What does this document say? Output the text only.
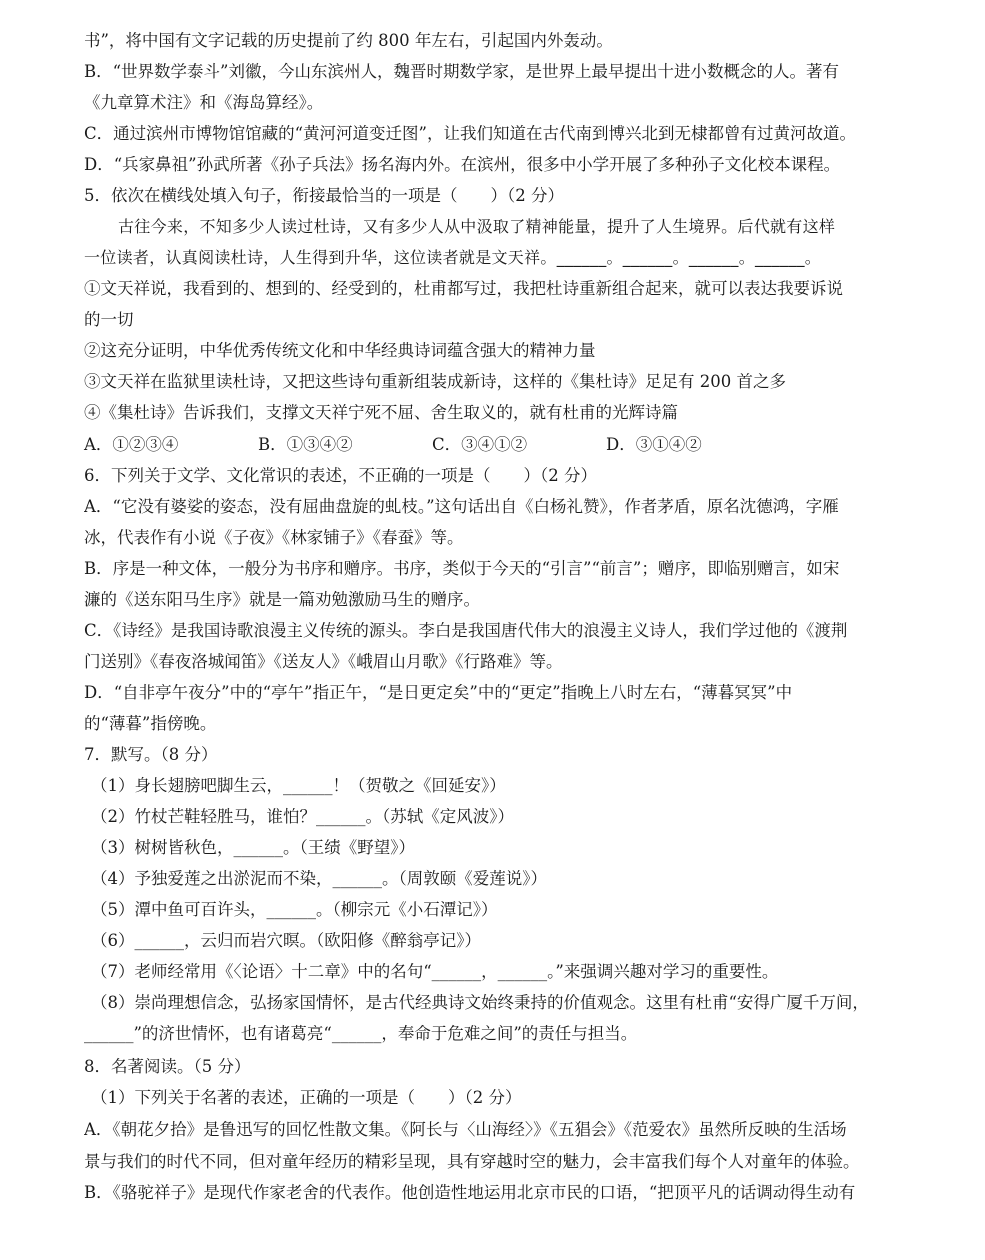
书”，将中国有文字记载的历史提前了约 800 年左右，引起国内外轰动。
B．“世界数学泰斗”刘徽，今山东滨州人，魏晋时期数学家，是世界上最早提出十进小数概念的人。著有
《九章算术注》和《海岛算经》。
C．通过滨州市博物馆馆藏的“黄河河道变迁图”，让我们知道在古代南到博兴北到无棣都曾有过黄河故道。
D．“兵家鼻祖”孙武所著《孙子兵法》扬名海内外。在滨州，很多中小学开展了多种孙子文化校本课程。
5．依次在横线处填入句子，衔接最恰当的一项是（　　）（2 分）
古往今来，不知多少人读过杜诗，又有多少人从中汲取了精神能量，提升了人生境界。后代就有这样
一位读者，认真阅读杜诗，人生得到升华，这位读者就是文天祥。______。______。______。______。
①文天祥说，我看到的、想到的、经受到的，杜甫都写过，我把杜诗重新组合起来，就可以表达我要诉说
的一切
②这充分证明，中华优秀传统文化和中华经典诗词蕴含强大的精神力量
③文天祥在监狱里读杜诗，又把这些诗句重新组装成新诗，这样的《集杜诗》足足有 200 首之多
④《集杜诗》告诉我们，支撑文天祥宁死不屈、舍生取义的，就有杜甫的光辉诗篇
A．①②③④	B．①③④②	C．③④①②	D．③①④②
6．下列关于文学、文化常识的表述，不正确的一项是（　　）（2 分）
A．“它没有婆娑的姿态，没有屈曲盘旋的虬枝。”这句话出自《白杨礼赞》，作者茅盾，原名沈德鸿，字雁
冰，代表作有小说《子夜》《林家铺子》《春蚕》等。
B．序是一种文体，一般分为书序和赠序。书序，类似于今天的“引言”“前言”；赠序，即临别赠言，如宋
濂的《送东阳马生序》就是一篇劝勉激励马生的赠序。
C．《诗经》是我国诗歌浪漫主义传统的源头。李白是我国唐代伟大的浪漫主义诗人，我们学过他的《渡荆
门送别》《春夜洛城闻笛》《送友人》《峨眉山月歌》《行路难》等。
D．“自非亭午夜分”中的“亭午”指正午，“是日更定矣”中的“更定”指晚上八时左右，“薄暮冥冥”中
的“薄暮”指傍晚。
7．默写。（8 分）
（1）身长翅膀吧脚生云，______！（贺敬之《回延安》）
（2）竹杖芒鞋轻胜马，谁怕？______。（苏轼《定风波》）
（3）树树皆秋色，______。（王绩《野望》）
（4）予独爱莲之出淤泥而不染，______。（周敦颐《爱莲说》）
（5）潭中鱼可百许头，______。（柳宗元《小石潭记》）
（6）______，云归而岩穴暝。（欧阳修《醉翁亭记》）
（7）老师经常用《〈论语〉十二章》中的名句“______，______。”来强调兴趣对学习的重要性。
（8）崇尚理想信念，弘扬家国情怀，是古代经典诗文始终秉持的价值观念。这里有杜甫“安得广厦千万间，
______”的济世情怀，也有诸葛亮“______，奉命于危难之间”的责任与担当。
8．名著阅读。（5 分）
（1）下列关于名著的表述，正确的一项是（　　）（2 分）
A．《朝花夕拾》是鲁迅写的回忆性散文集。《阿长与〈山海经〉》《五猖会》《范爱农》虽然所反映的生活场
景与我们的时代不同，但对童年经历的精彩呈现，具有穿越时空的魅力，会丰富我们每个人对童年的体验。
B．《骆驼祥子》是现代作家老舍的代表作。他创造性地运用北京市民的口语，“把顶平凡的话调动得生动有
